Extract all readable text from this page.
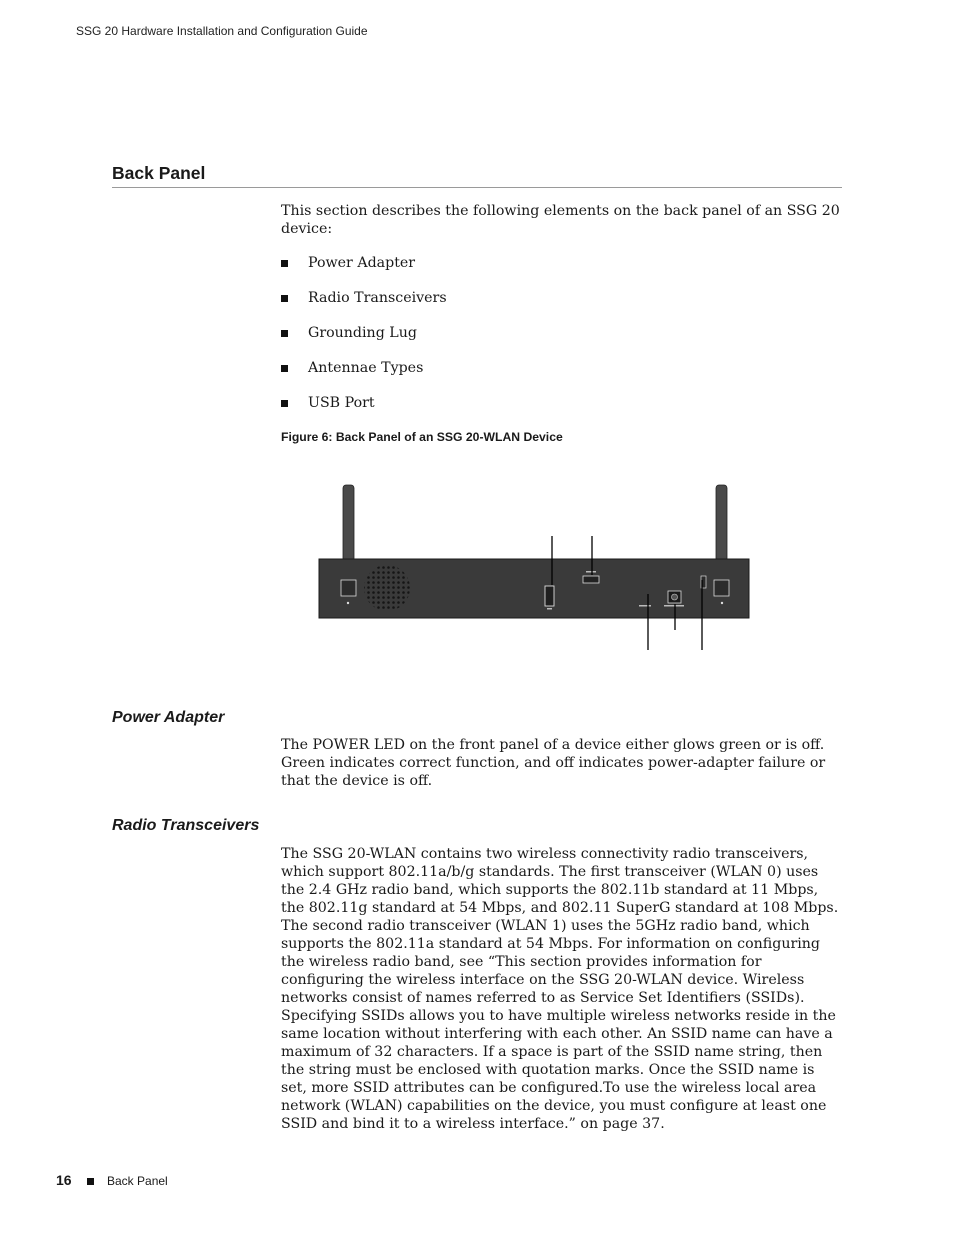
SSG 20 Hardware Installation and Configuration Guide
Back Panel

This section describes the following elements on the back panel of an SSG 20 device:

Power Adapter
Radio Transceivers
Grounding Lug
Antennae Types
USB Port
Figure 6: Back Panel of an SSG 20-WLAN Device
Power Adapter

The POWER LED on the front panel of a device either glows green or is off. Green indicates correct function, and off indicates power-adapter failure or that the device is off.

Radio Transceivers

The SSG 20-WLAN contains two wireless connectivity radio transceivers, which support 802.11a/b/g standards. The first transceiver (WLAN 0) uses the 2.4 GHz radio band, which supports the 802.11b standard at 11 Mbps, the 802.11g standard at 54 Mbps, and 802.11 SuperG standard at 108 Mbps. The second radio transceiver (WLAN 1) uses the 5GHz radio band, which supports the 802.11a standard at 54 Mbps. For information on configuring the wireless radio band, see “This section provides information for configuring the wireless interface on the SSG 20-WLAN device. Wireless networks consist of names referred to as Service Set Identifiers (SSIDs). Specifying SSIDs allows you to have multiple wireless networks reside in the same location without interfering with each other. An SSID name can have a maximum of 32 characters. If a space is part of the SSID name string, then the string must be enclosed with quotation marks. Once the SSID name is set, more SSID attributes can be configured.To use the wireless local area network (WLAN) capabilities on the device, you must configure at least one SSID and bind it to a wireless interface.” on page 37.

16	Back Panel
